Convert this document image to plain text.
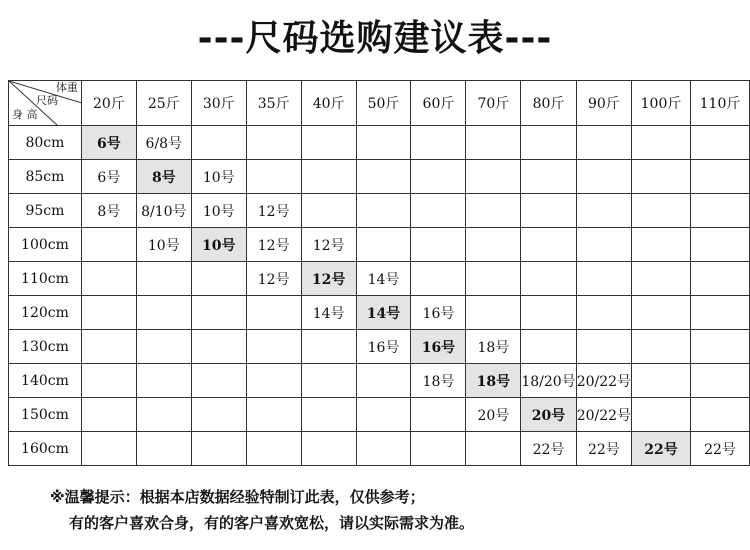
---尺码选购建议表---
体重
尺码
身 高	20斤	25斤	30斤	35斤	40斤	50斤	60斤	70斤	80斤	90斤	100斤	110斤
80cm	6号	6/8号										
85cm	6号	8号	10号									
95cm	8号	8/10号	10号	12号								
100cm		10号	10号	12号	12号							
110cm				12号	12号	14号						
120cm					14号	14号	16号					
130cm						16号	16号	18号				
140cm							18号	18号	18/20号	20/22号		
150cm								20号	20号	20/22号		
160cm									22号	22号	22号	22号
※温馨提示：根据本店数据经验特制订此表，仅供参考；
有的客户喜欢合身，有的客户喜欢宽松，请以实际需求为准。
